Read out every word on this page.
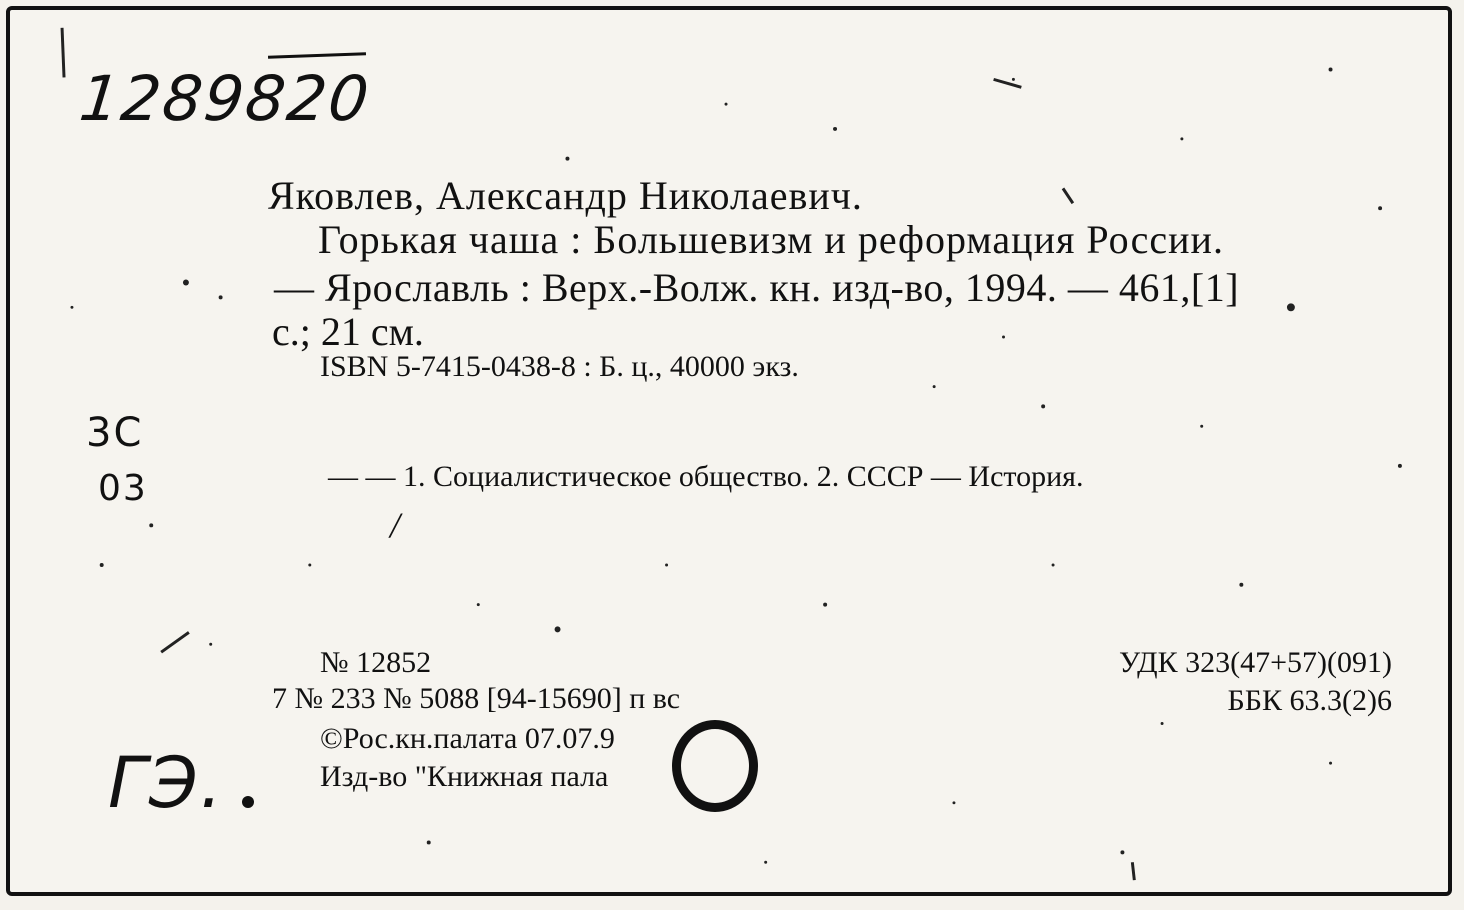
1289820
3С
03
ГЭ.
Яковлев, Александр Николаевич.
Горькая чаша : Большевизм и реформация России.
— Ярославль : Верх.-Волж. кн. изд-во, 1994. — 461,[1]
с.; 21 см.
ISBN 5-7415-0438-8 : Б. ц., 40000 экз.
— — 1. Социалистическое общество. 2. СССР — История.
/
№ 12852
7 № 233 № 5088 [94-15690] п вс
©Рос.кн.палата 07.07.9
Изд-во "Книжная пала
УДК 323(47+57)(091)
ББК 63.3(2)6
